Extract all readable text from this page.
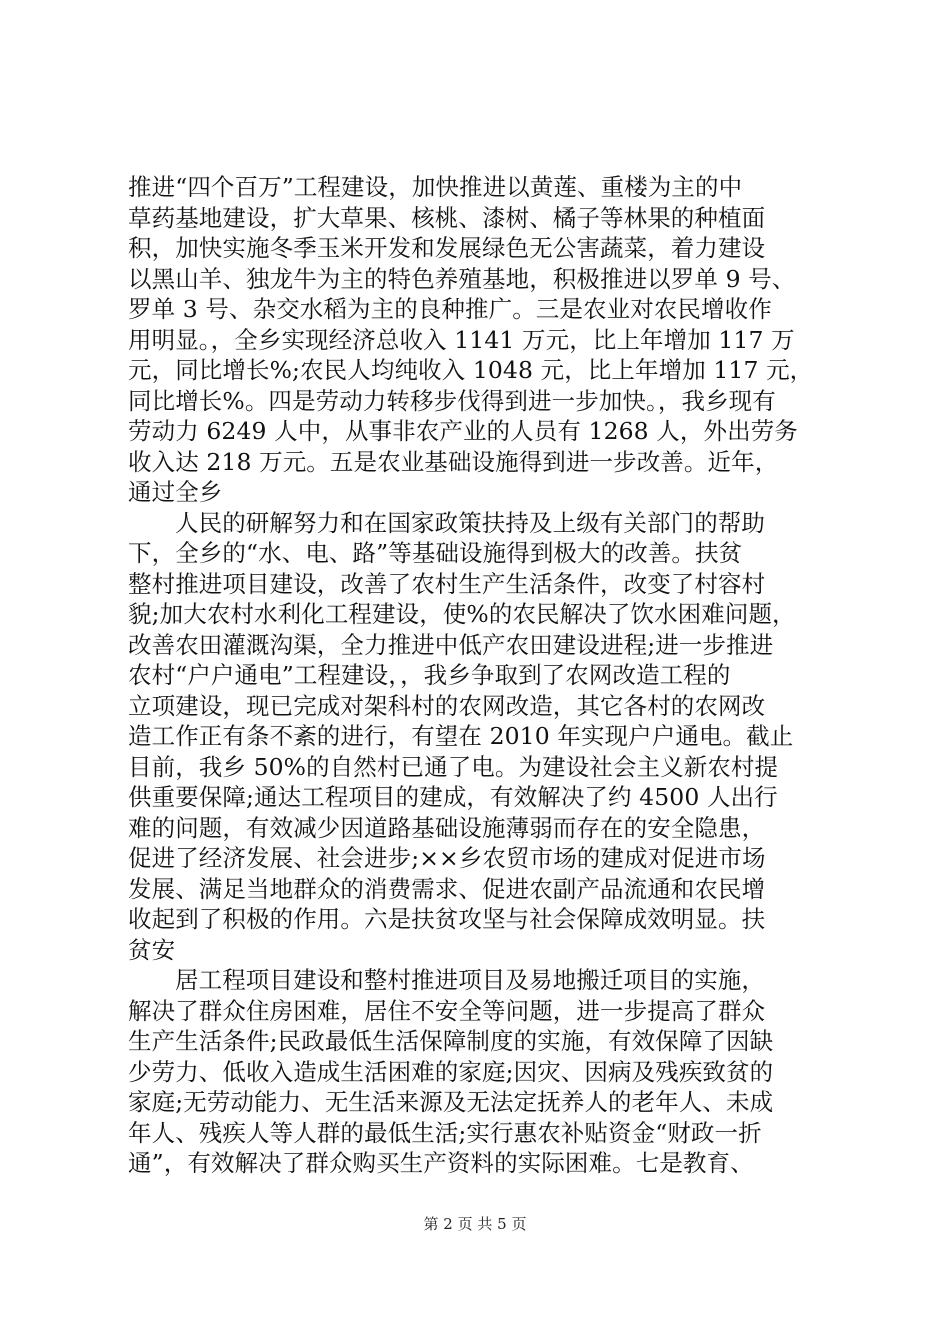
推进“四个百万”工程建设，加快推进以黄莲、重楼为主的中
草药基地建设，扩大草果、核桃、漆树、橘子等林果的种植面
积，加快实施冬季玉米开发和发展绿色无公害蔬菜，着力建设
以黑山羊、独龙牛为主的特色养殖基地，积极推进以罗单 9 号、
罗单 3 号、杂交水稻为主的良种推广。三是农业对农民增收作
用明显。，全乡实现经济总收入 1141 万元，比上年增加 117 万
元，同比增长%;农民人均纯收入 1048 元，比上年增加 117 元，
同比增长%。四是劳动力转移步伐得到进一步加快。，我乡现有
劳动力 6249 人中，从事非农产业的人员有 1268 人，外出劳务
收入达 218 万元。五是农业基础设施得到进一步改善。近年，
通过全乡
人民的研解努力和在国家政策扶持及上级有关部门的帮助
下，全乡的“水、电、路”等基础设施得到极大的改善。扶贫
整村推进项目建设，改善了农村生产生活条件，改变了村容村
貌;加大农村水利化工程建设，使%的农民解决了饮水困难问题，
改善农田灌溉沟渠，全力推进中低产农田建设进程;进一步推进
农村“户户通电”工程建设，，我乡争取到了农网改造工程的
立项建设，现已完成对架科村的农网改造，其它各村的农网改
造工作正有条不紊的进行，有望在 2010 年实现户户通电。截止
目前，我乡 50%的自然村已通了电。为建设社会主义新农村提
供重要保障;通达工程项目的建成，有效解决了约 4500 人出行
难的问题，有效减少因道路基础设施薄弱而存在的安全隐患，
促进了经济发展、社会进步;××乡农贸市场的建成对促进市场
发展、满足当地群众的消费需求、促进农副产品流通和农民增
收起到了积极的作用。六是扶贫攻坚与社会保障成效明显。扶
贫安
居工程项目建设和整村推进项目及易地搬迁项目的实施，
解决了群众住房困难，居住不安全等问题，进一步提高了群众
生产生活条件;民政最低生活保障制度的实施，有效保障了因缺
少劳力、低收入造成生活困难的家庭;因灾、因病及残疾致贫的
家庭;无劳动能力、无生活来源及无法定抚养人的老年人、未成
年人、残疾人等人群的最低生活;实行惠农补贴资金“财政一折
通”，有效解决了群众购买生产资料的实际困难。七是教育、
第 2 页 共 5 页
